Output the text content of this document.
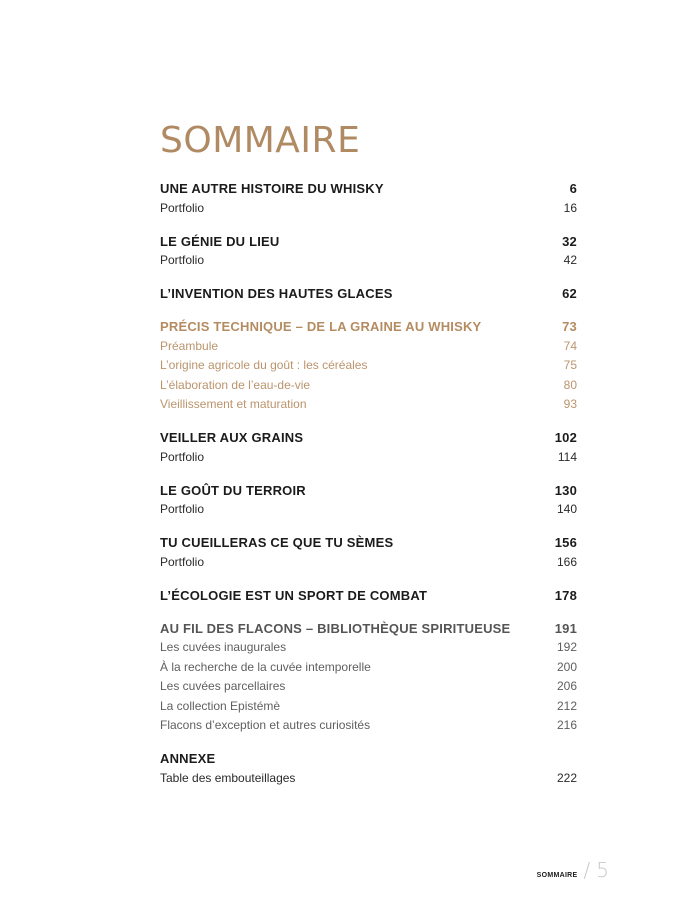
SOMMAIRE
UNE AUTRE HISTOIRE DU WHISKY	6
Portfolio	16
LE GÉNIE DU LIEU	32
Portfolio	42
L’INVENTION DES HAUTES GLACES	62
PRÉCIS TECHNIQUE – DE LA GRAINE AU WHISKY	73
Préambule	74
L’origine agricole du goût : les céréales	75
L’élaboration de l’eau-de-vie	80
Vieillissement et maturation	93
VEILLER AUX GRAINS	102
Portfolio	114
LE GOÛT DU TERROIR	130
Portfolio	140
TU CUEILLERAS CE QUE TU SÈMES	156
Portfolio	166
L’ÉCOLOGIE EST UN SPORT DE COMBAT	178
AU FIL DES FLACONS – BIBLIOTHÈQUE SPIRITUEUSE	191
Les cuvées inaugurales	192
À la recherche de la cuvée intemporelle	200
Les cuvées parcellaires	206
La collection Epistémè	212
Flacons d’exception et autres curiosités	216
ANNEXE
Table des embouteillages	222
SOMMAIRE / 5
